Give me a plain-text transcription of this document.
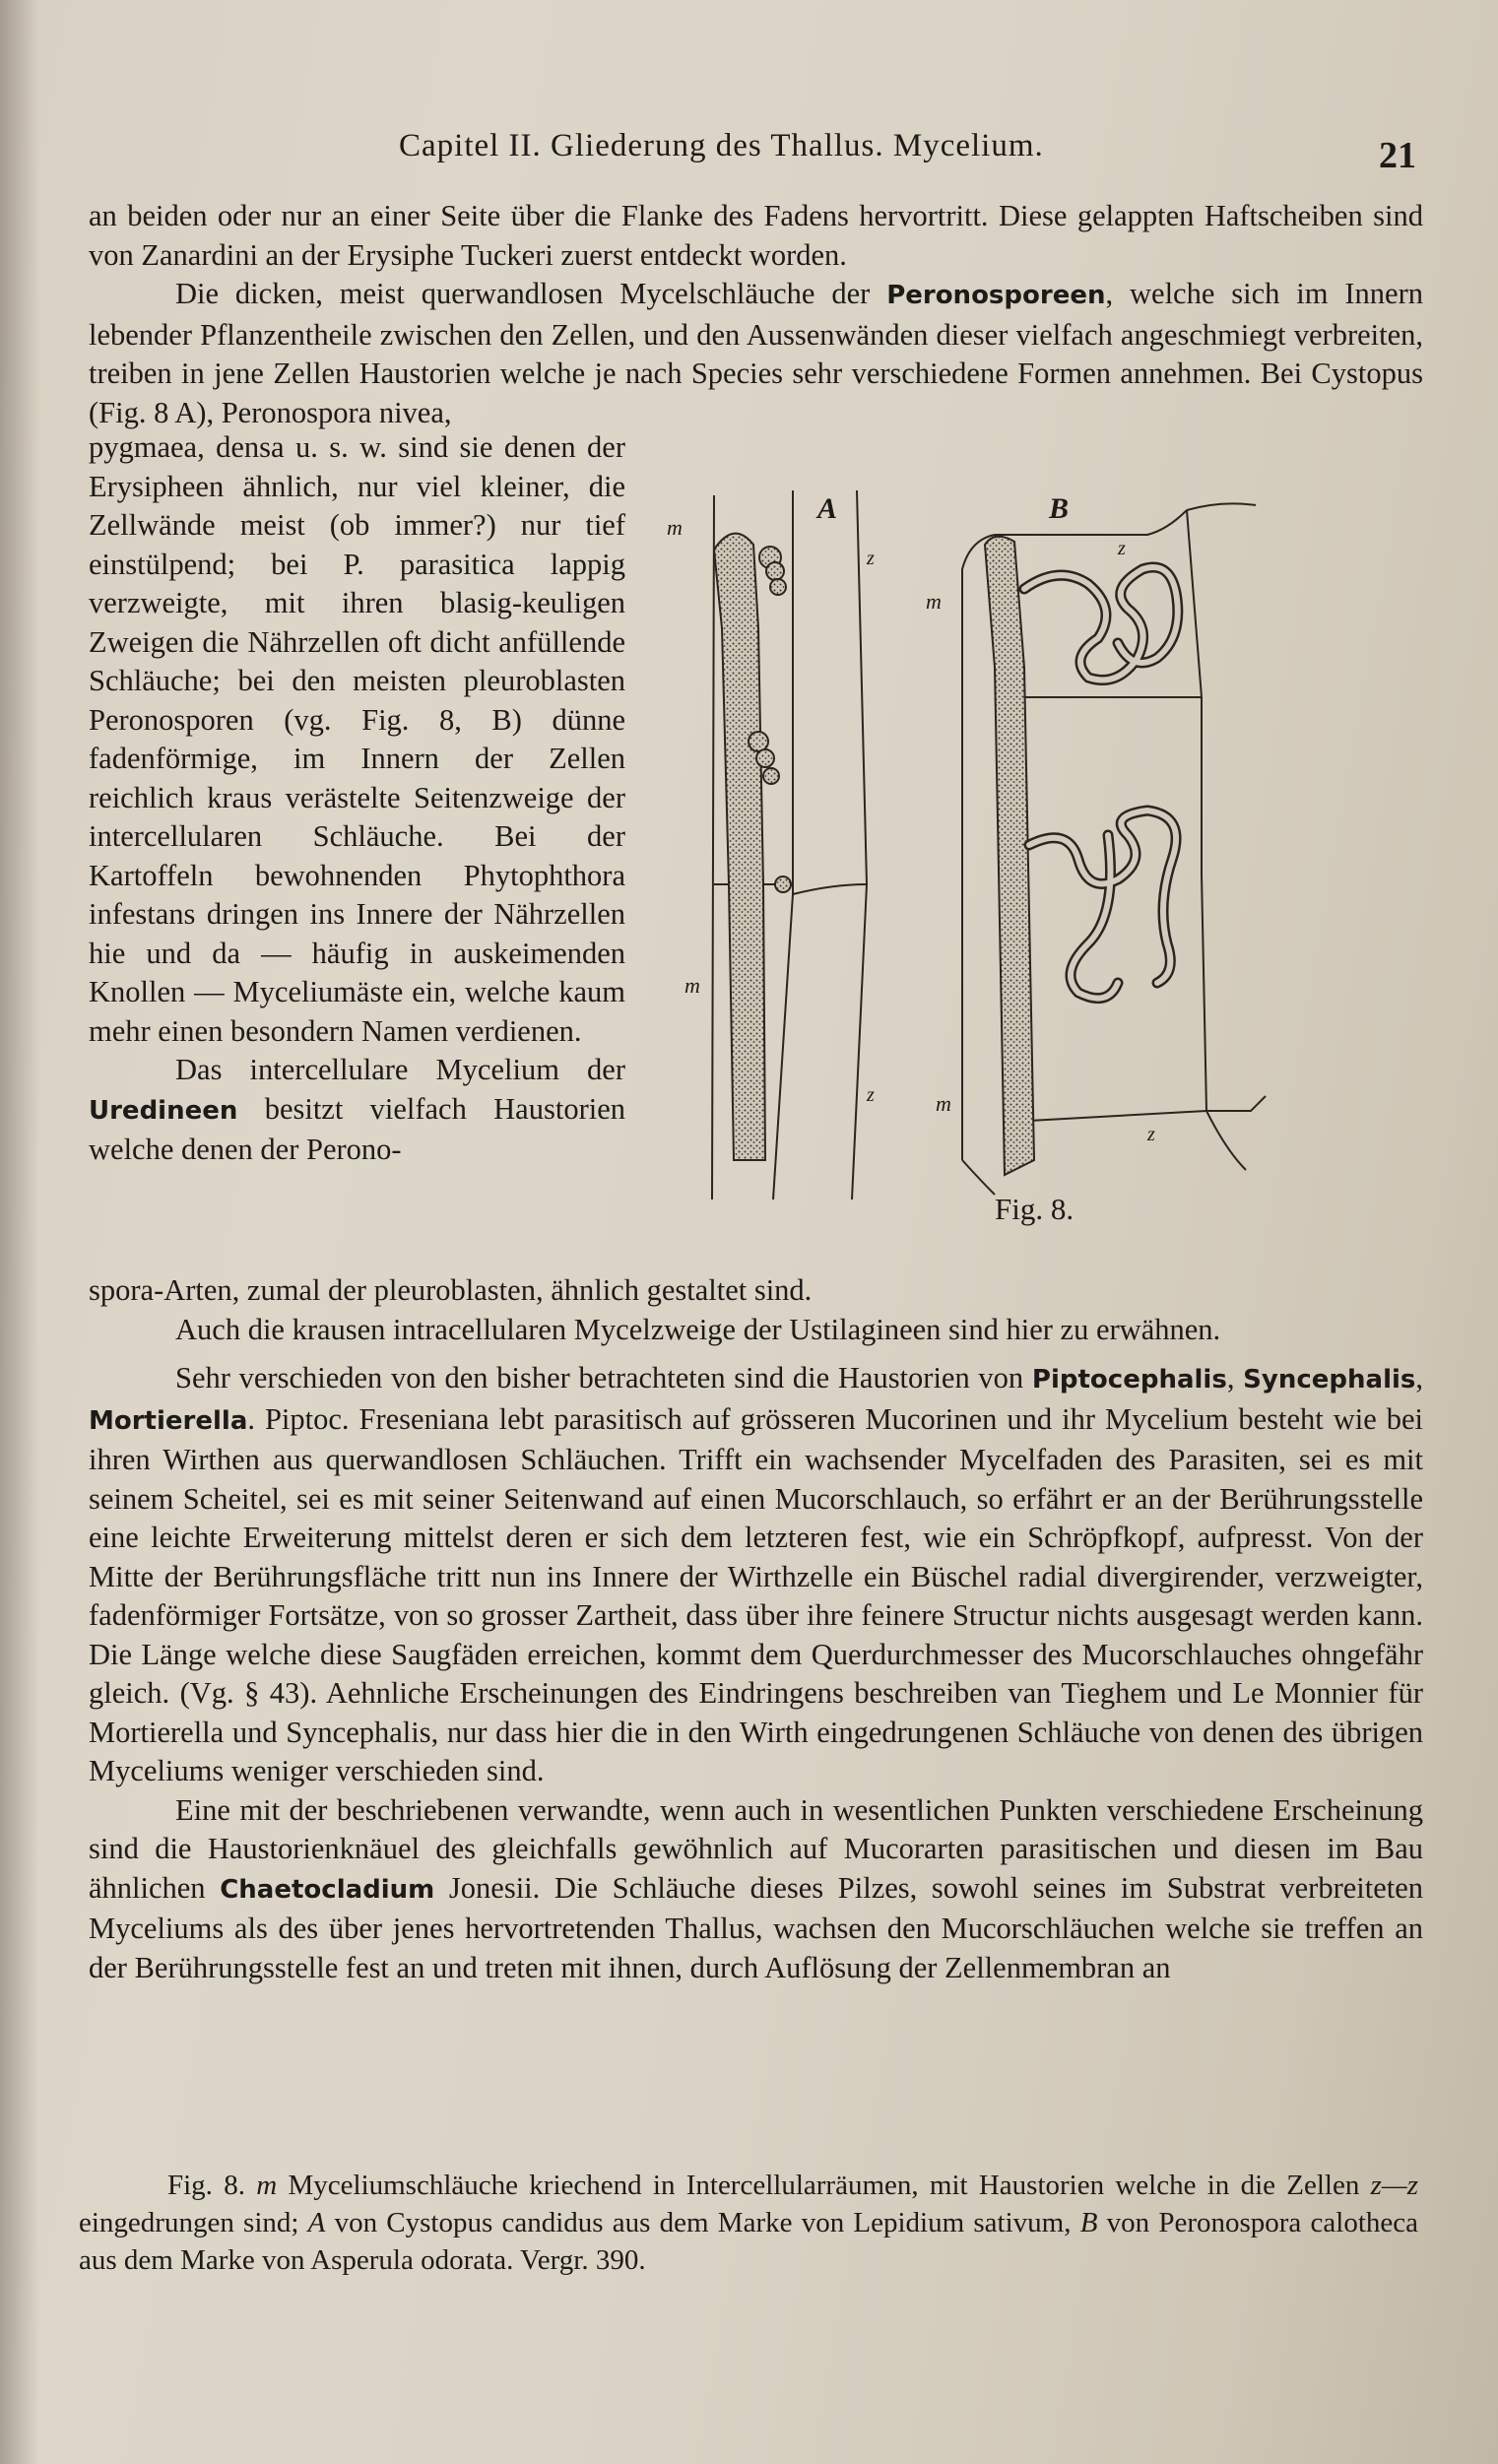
Capitel II. Gliederung des Thallus. Mycelium.	21

an beiden oder nur an einer Seite über die Flanke des Fadens hervortritt. Diese gelappten Haftscheiben sind von Zanardini an der Erysiphe Tuckeri zuerst entdeckt worden.

Die dicken, meist querwandlosen Mycelschläuche der Peronosporeen, welche sich im Innern lebender Pflanzentheile zwischen den Zellen, und den Aussenwänden dieser vielfach angeschmiegt verbreiten, treiben in jene Zellen Haustorien welche je nach Species sehr verschiedene Formen annehmen. Bei Cystopus (Fig. 8 A), Peronospora nivea,

pygmaea, densa u. s. w. sind sie denen der Erysipheen ähnlich, nur viel kleiner, die Zellwände meist (ob immer?) nur tief einstülpend; bei P. parasitica lappig verzweigte, mit ihren blasig-keuligen Zweigen die Nährzellen oft dicht anfüllende Schläuche; bei den meisten pleuroblasten Peronosporen (vg. Fig. 8, B) dünne fadenförmige, im Innern der Zellen reichlich kraus verästelte Seitenzweige der intercellularen Schläuche. Bei der Kartoffeln bewohnenden Phytophthora infestans dringen ins Innere der Nährzellen hie und da — häufig in auskeimenden Knollen — Myceliumäste ein, welche kaum mehr einen besondern Namen verdienen.

Das intercellulare Mycelium der Uredineen besitzt vielfach Haustorien welche denen der Perono-

A
m
m
z
z
B
m
m
z
z
Fig. 8.

spora-Arten, zumal der pleuroblasten, ähnlich gestaltet sind.

Auch die krausen intracellularen Mycelzweige der Ustilagineen sind hier zu erwähnen.

Sehr verschieden von den bisher betrachteten sind die Haustorien von Piptocephalis, Syncephalis, Mortierella. Piptoc. Freseniana lebt parasitisch auf grösseren Mucorinen und ihr Mycelium besteht wie bei ihren Wirthen aus querwandlosen Schläuchen. Trifft ein wachsender Mycelfaden des Parasiten, sei es mit seinem Scheitel, sei es mit seiner Seitenwand auf einen Mucorschlauch, so erfährt er an der Berührungsstelle eine leichte Erweiterung mittelst deren er sich dem letzteren fest, wie ein Schröpfkopf, aufpresst. Von der Mitte der Berührungsfläche tritt nun ins Innere der Wirthzelle ein Büschel radial divergirender, verzweigter, fadenförmiger Fortsätze, von so grosser Zartheit, dass über ihre feinere Structur nichts ausgesagt werden kann. Die Länge welche diese Saugfäden erreichen, kommt dem Querdurchmesser des Mucorschlauches ohngefähr gleich. (Vg. § 43). Aehnliche Erscheinungen des Eindringens beschreiben van Tieghem und Le Monnier für Mortierella und Syncephalis, nur dass hier die in den Wirth eingedrungenen Schläuche von denen des übrigen Myceliums weniger verschieden sind.

Eine mit der beschriebenen verwandte, wenn auch in wesentlichen Punkten verschiedene Erscheinung sind die Haustorienknäuel des gleichfalls gewöhnlich auf Mucorarten parasitischen und diesen im Bau ähnlichen Chaetocladium Jonesii. Die Schläuche dieses Pilzes, sowohl seines im Substrat verbreiteten Myceliums als des über jenes hervortretenden Thallus, wachsen den Mucorschläuchen welche sie treffen an der Berührungsstelle fest an und treten mit ihnen, durch Auflösung der Zellenmembran an

Fig. 8. m Myceliumschläuche kriechend in Intercellularräumen, mit Haustorien welche in die Zellen z—z eingedrungen sind; A von Cystopus candidus aus dem Marke von Lepidium sativum, B von Peronospora calotheca aus dem Marke von Asperula odorata. Vergr. 390.
